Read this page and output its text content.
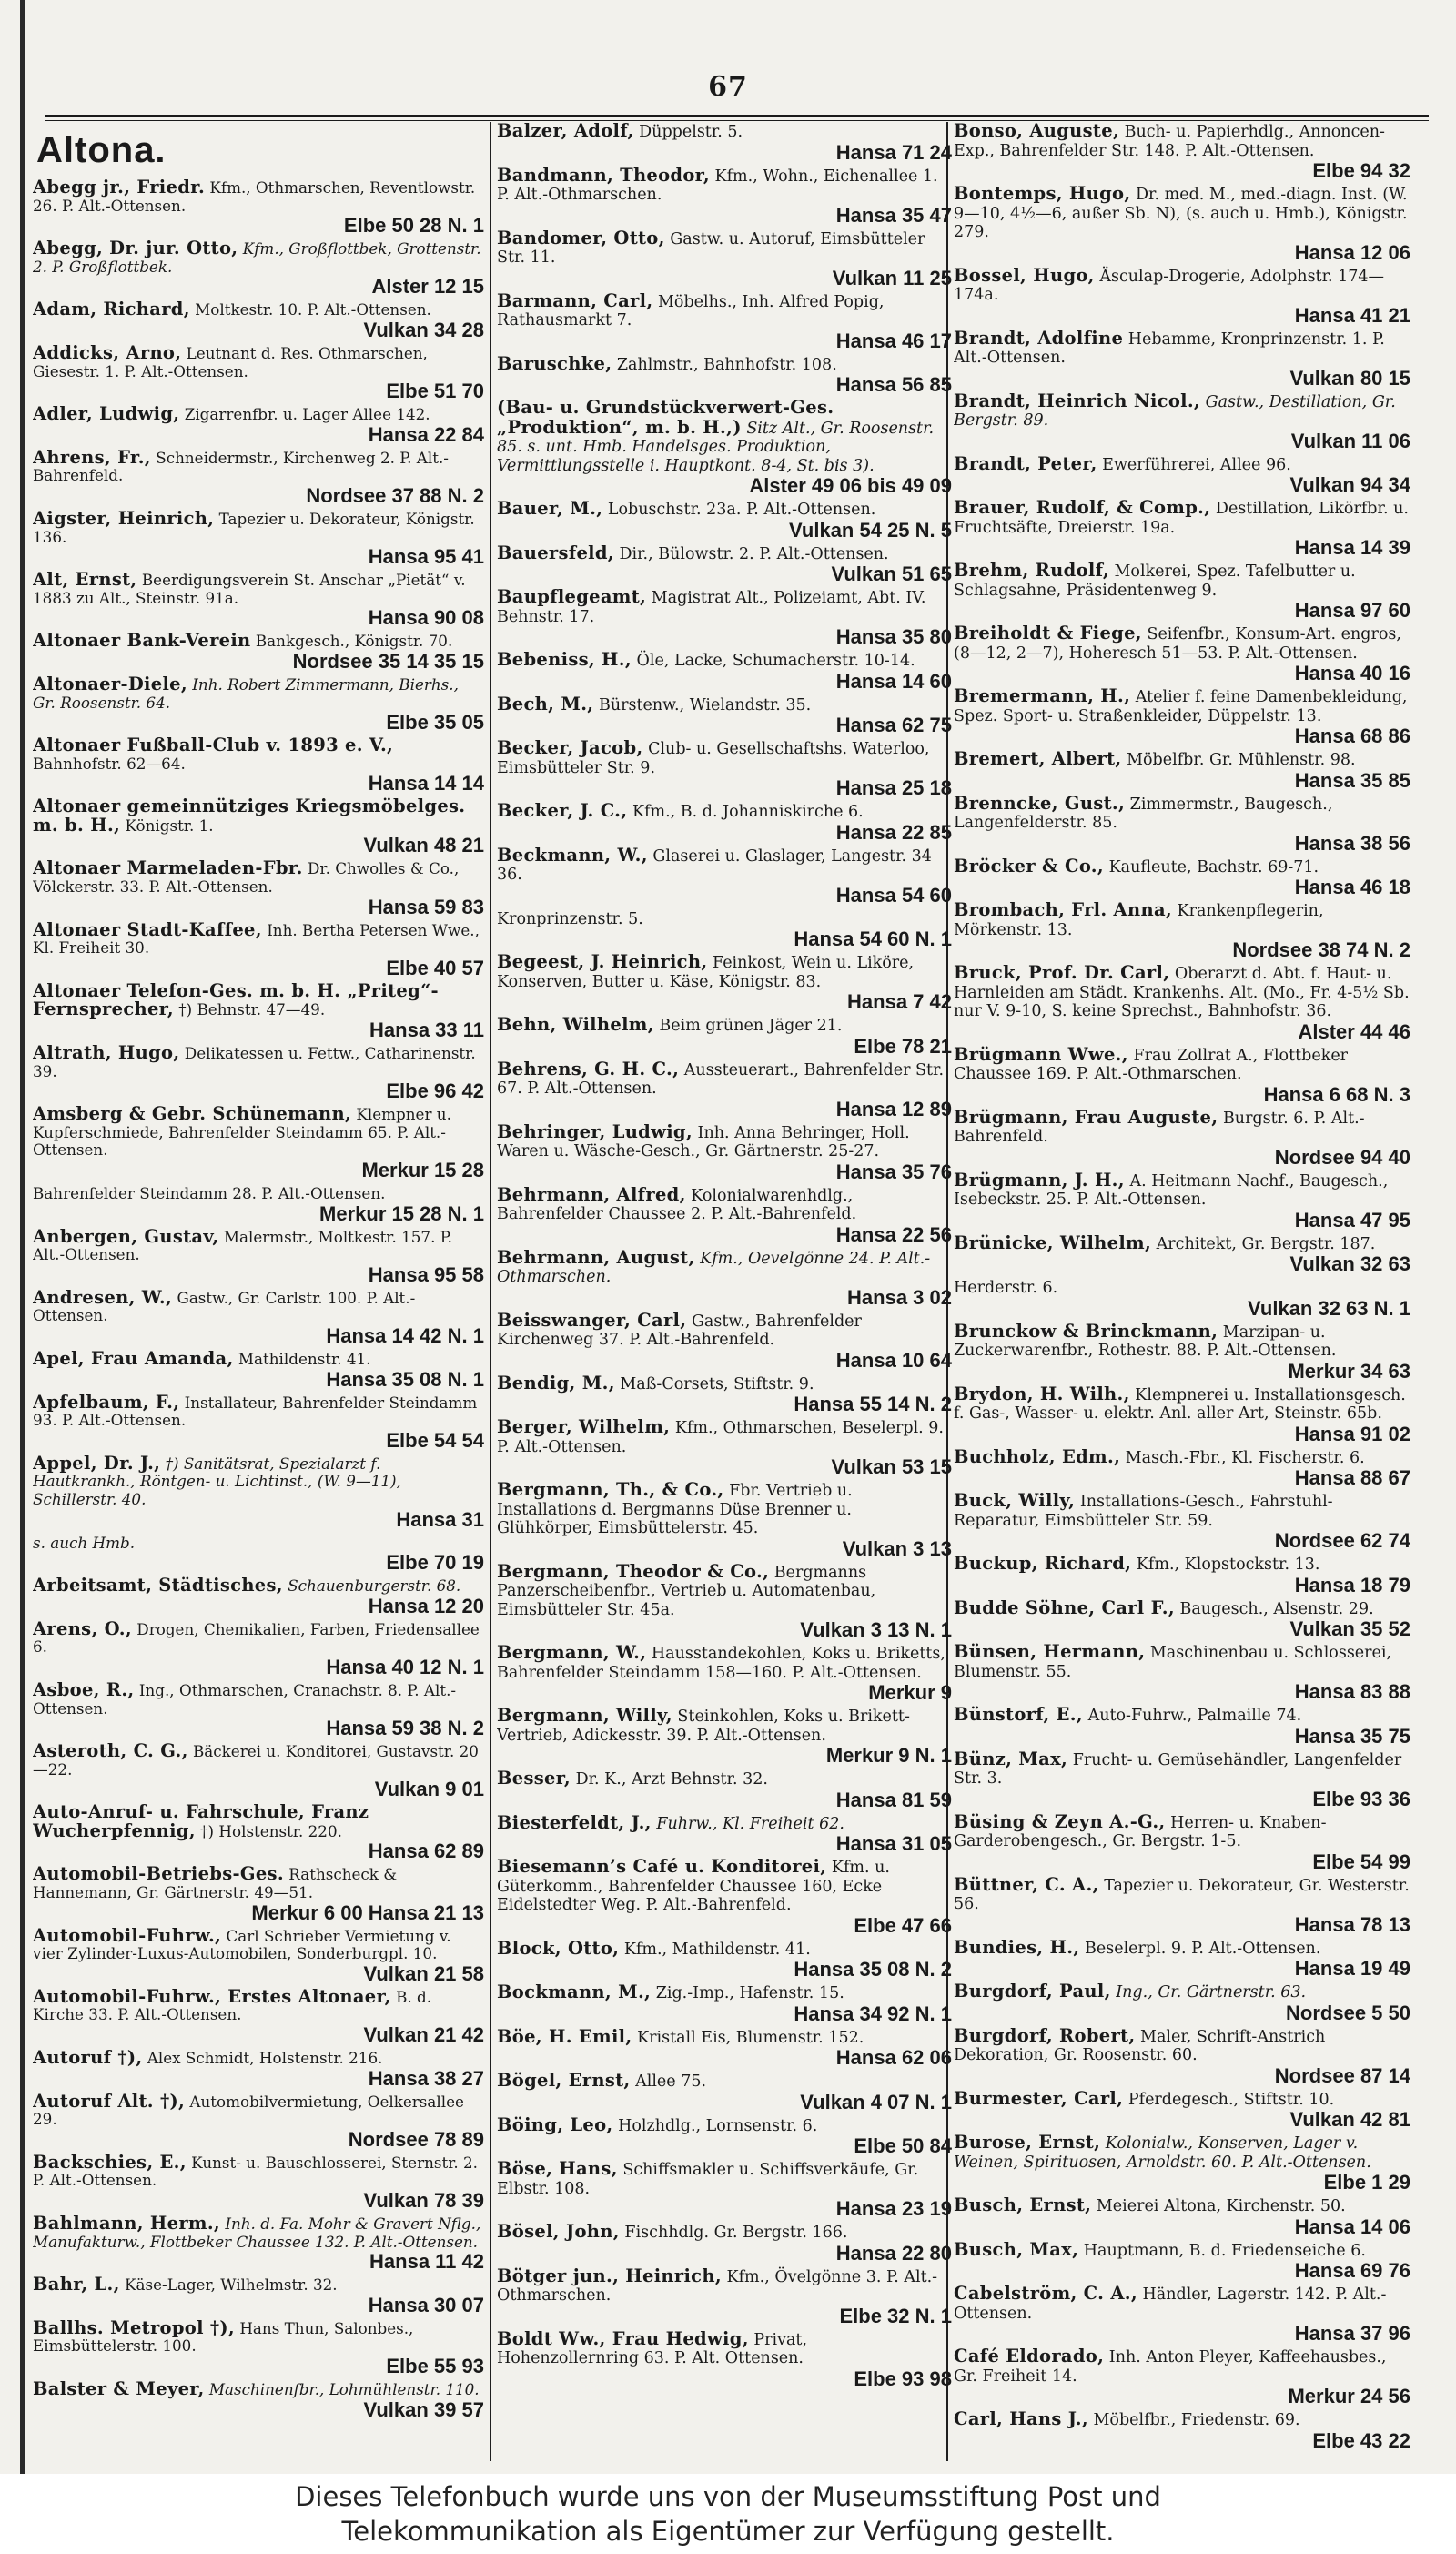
67
Altona.
Abegg jr., Friedr. Kfm., Othmarschen, Reventlowstr. 26. P. Alt.-Ottensen.
Elbe 50 28 N. 1
Abegg, Dr. jur. Otto, Kfm., Großflottbek, Grottenstr. 2. P. Großflottbek.
Alster 12 15
Adam, Richard, Moltkestr. 10. P. Alt.-Ottensen.
Vulkan 34 28
Addicks, Arno, Leutnant d. Res. Othmarschen, Giesestr. 1. P. Alt.-Ottensen.
Elbe 51 70
Adler, Ludwig, Zigarrenfbr. u. Lager Allee 142.
Hansa 22 84
Ahrens, Fr., Schneidermstr., Kirchenweg 2. P. Alt.-Bahrenfeld.
Nordsee 37 88 N. 2
Aigster, Heinrich, Tapezier u. Dekorateur, Königstr. 136.
Hansa 95 41
Alt, Ernst, Beerdigungsverein St. Anschar „Pietät“ v. 1883 zu Alt., Steinstr. 91a.
Hansa 90 08
Altonaer Bank-Verein Bankgesch., Königstr. 70.
Nordsee 35 14 35 15
Altonaer-Diele, Inh. Robert Zimmermann, Bierhs., Gr. Roosenstr. 64.
Elbe 35 05
Altonaer Fußball-Club v. 1893 e. V., Bahnhofstr. 62—64.
Hansa 14 14
Altonaer gemeinnütziges Kriegsmöbelges. m. b. H., Königstr. 1.
Vulkan 48 21
Altonaer Marmeladen-Fbr. Dr. Chwolles & Co., Völckerstr. 33. P. Alt.-Ottensen.
Hansa 59 83
Altonaer Stadt-Kaffee, Inh. Bertha Petersen Wwe., Kl. Freiheit 30.
Elbe 40 57
Altonaer Telefon-Ges. m. b. H. „Priteg“-Fernsprecher, †) Behnstr. 47—49.
Hansa 33 11
Altrath, Hugo, Delikatessen u. Fettw., Catharinenstr. 39.
Elbe 96 42
Amsberg & Gebr. Schünemann, Klempner u. Kupferschmiede, Bahrenfelder Steindamm 65. P. Alt.-Ottensen.
Merkur 15 28
Bahrenfelder Steindamm 28. P. Alt.-Ottensen.
Merkur 15 28 N. 1
Anbergen, Gustav, Malermstr., Moltkestr. 157. P. Alt.-Ottensen.
Hansa 95 58
Andresen, W., Gastw., Gr. Carlstr. 100. P. Alt.-Ottensen.
Hansa 14 42 N. 1
Apel, Frau Amanda, Mathildenstr. 41.
Hansa 35 08 N. 1
Apfelbaum, F., Installateur, Bahrenfelder Steindamm 93. P. Alt.-Ottensen.
Elbe 54 54
Appel, Dr. J., †) Sanitätsrat, Spezialarzt f. Hautkrankh., Röntgen- u. Lichtinst., (W. 9—11), Schillerstr. 40.
Hansa 31
s. auch Hmb.
Elbe 70 19
Arbeitsamt, Städtisches, Schauenburgerstr. 68.
Hansa 12 20
Arens, O., Drogen, Chemikalien, Farben, Friedensallee 6.
Hansa 40 12 N. 1
Asboe, R., Ing., Othmarschen, Cranachstr. 8. P. Alt.-Ottensen.
Hansa 59 38 N. 2
Asteroth, C. G., Bäckerei u. Konditorei, Gustavstr. 20—22.
Vulkan 9 01
Auto-Anruf- u. Fahrschule, Franz Wucherpfennig, †) Holstenstr. 220.
Hansa 62 89
Automobil-Betriebs-Ges. Rathscheck & Hannemann, Gr. Gärtnerstr. 49—51.
Merkur 6 00 Hansa 21 13
Automobil-Fuhrw., Carl Schrieber Vermietung v. vier Zylinder-Luxus-Automobilen, Sonderburgpl. 10.
Vulkan 21 58
Automobil-Fuhrw., Erstes Altonaer, B. d. Kirche 33. P. Alt.-Ottensen.
Vulkan 21 42
Autoruf †), Alex Schmidt, Holstenstr. 216.
Hansa 38 27
Autoruf Alt. †), Automobilvermietung, Oelkersallee 29.
Nordsee 78 89
Backschies, E., Kunst- u. Bauschlosserei, Sternstr. 2. P. Alt.-Ottensen.
Vulkan 78 39
Bahlmann, Herm., Inh. d. Fa. Mohr & Gravert Nflg., Manufakturw., Flottbeker Chaussee 132. P. Alt.-Ottensen.
Hansa 11 42
Bahr, L., Käse-Lager, Wilhelmstr. 32.
Hansa 30 07
Ballhs. Metropol †), Hans Thun, Salonbes., Eimsbüttelerstr. 100.
Elbe 55 93
Balster & Meyer, Maschinenfbr., Lohmühlenstr. 110.
Vulkan 39 57
Balzer, Adolf, Düppelstr. 5.
Hansa 71 24
Bandmann, Theodor, Kfm., Wohn., Eichenallee 1. P. Alt.-Othmarschen.
Hansa 35 47
Bandomer, Otto, Gastw. u. Autoruf, Eimsbütteler Str. 11.
Vulkan 11 25
Barmann, Carl, Möbelhs., Inh. Alfred Popig, Rathausmarkt 7.
Hansa 46 17
Baruschke, Zahlmstr., Bahnhofstr. 108.
Hansa 56 85
(Bau- u. Grundstückverwert-Ges. „Produktion“, m. b. H.,) Sitz Alt., Gr. Roosenstr. 85. s. unt. Hmb. Handelsges. Produktion, Vermittlungsstelle i. Hauptkont. 8-4, St. bis 3).
Alster 49 06 bis 49 09
Bauer, M., Lobuschstr. 23a. P. Alt.-Ottensen.
Vulkan 54 25 N. 5
Bauersfeld, Dir., Bülowstr. 2. P. Alt.-Ottensen.
Vulkan 51 65
Baupflegeamt, Magistrat Alt., Polizeiamt, Abt. IV. Behnstr. 17.
Hansa 35 80
Bebeniss, H., Öle, Lacke, Schumacherstr. 10-14.
Hansa 14 60
Bech, M., Bürstenw., Wielandstr. 35.
Hansa 62 75
Becker, Jacob, Club- u. Gesellschaftshs. Waterloo, Eimsbütteler Str. 9.
Hansa 25 18
Becker, J. C., Kfm., B. d. Johanniskirche 6.
Hansa 22 85
Beckmann, W., Glaserei u. Glaslager, Langestr. 34 36.
Hansa 54 60
Kronprinzenstr. 5.
Hansa 54 60 N. 1
Begeest, J. Heinrich, Feinkost, Wein u. Liköre, Konserven, Butter u. Käse, Königstr. 83.
Hansa 7 42
Behn, Wilhelm, Beim grünen Jäger 21.
Elbe 78 21
Behrens, G. H. C., Aussteuerart., Bahrenfelder Str. 67. P. Alt.-Ottensen.
Hansa 12 89
Behringer, Ludwig, Inh. Anna Behringer, Holl. Waren u. Wäsche-Gesch., Gr. Gärtnerstr. 25-27.
Hansa 35 76
Behrmann, Alfred, Kolonialwarenhdlg., Bahrenfelder Chaussee 2. P. Alt.-Bahrenfeld.
Hansa 22 56
Behrmann, August, Kfm., Oevelgönne 24. P. Alt.-Othmarschen.
Hansa 3 02
Beisswanger, Carl, Gastw., Bahrenfelder Kirchenweg 37. P. Alt.-Bahrenfeld.
Hansa 10 64
Bendig, M., Maß-Corsets, Stiftstr. 9.
Hansa 55 14 N. 2
Berger, Wilhelm, Kfm., Othmarschen, Beselerpl. 9. P. Alt.-Ottensen.
Vulkan 53 15
Bergmann, Th., & Co., Fbr. Vertrieb u. Installations d. Bergmanns Düse Brenner u. Glühkörper, Eimsbüttelerstr. 45.
Vulkan 3 13
Bergmann, Theodor & Co., Bergmanns Panzerscheibenfbr., Vertrieb u. Automatenbau, Eimsbütteler Str. 45a.
Vulkan 3 13 N. 1
Bergmann, W., Hausstandekohlen, Koks u. Briketts, Bahrenfelder Steindamm 158—160. P. Alt.-Ottensen.
Merkur 9
Bergmann, Willy, Steinkohlen, Koks u. Brikett-Vertrieb, Adickesstr. 39. P. Alt.-Ottensen.
Merkur 9 N. 1
Besser, Dr. K., Arzt Behnstr. 32.
Hansa 81 59
Biesterfeldt, J., Fuhrw., Kl. Freiheit 62.
Hansa 31 05
Biesemann’s Café u. Konditorei, Kfm. u. Güterkomm., Bahrenfelder Chaussee 160, Ecke Eidelstedter Weg. P. Alt.-Bahrenfeld.
Elbe 47 66
Block, Otto, Kfm., Mathildenstr. 41.
Hansa 35 08 N. 2
Bockmann, M., Zig.-Imp., Hafenstr. 15.
Hansa 34 92 N. 1
Böe, H. Emil, Kristall Eis, Blumenstr. 152.
Hansa 62 06
Bögel, Ernst, Allee 75.
Vulkan 4 07 N. 1
Böing, Leo, Holzhdlg., Lornsenstr. 6.
Elbe 50 84
Böse, Hans, Schiffsmakler u. Schiffsverkäufe, Gr. Elbstr. 108.
Hansa 23 19
Bösel, John, Fischhdlg. Gr. Bergstr. 166.
Hansa 22 80
Bötger jun., Heinrich, Kfm., Övelgönne 3. P. Alt.-Othmarschen.
Elbe 32 N. 1
Boldt Ww., Frau Hedwig, Privat, Hohenzollernring 63. P. Alt. Ottensen.
Elbe 93 98
Bonso, Auguste, Buch- u. Papierhdlg., Annoncen-Exp., Bahrenfelder Str. 148. P. Alt.-Ottensen.
Elbe 94 32
Bontemps, Hugo, Dr. med. M., med.-diagn. Inst. (W. 9—10, 4½—6, außer Sb. N), (s. auch u. Hmb.), Königstr. 279.
Hansa 12 06
Bossel, Hugo, Äsculap-Drogerie, Adolphstr. 174—174a.
Hansa 41 21
Brandt, Adolfine Hebamme, Kronprinzenstr. 1. P. Alt.-Ottensen.
Vulkan 80 15
Brandt, Heinrich Nicol., Gastw., Destillation, Gr. Bergstr. 89.
Vulkan 11 06
Brandt, Peter, Ewerführerei, Allee 96.
Vulkan 94 34
Brauer, Rudolf, & Comp., Destillation, Likörfbr. u. Fruchtsäfte, Dreierstr. 19a.
Hansa 14 39
Brehm, Rudolf, Molkerei, Spez. Tafelbutter u. Schlagsahne, Präsidentenweg 9.
Hansa 97 60
Breiholdt & Fiege, Seifenfbr., Konsum-Art. engros, (8—12, 2—7), Hoheresch 51—53. P. Alt.-Ottensen.
Hansa 40 16
Bremermann, H., Atelier f. feine Damenbekleidung, Spez. Sport- u. Straßenkleider, Düppelstr. 13.
Hansa 68 86
Bremert, Albert, Möbelfbr. Gr. Mühlenstr. 98.
Hansa 35 85
Brenncke, Gust., Zimmermstr., Baugesch., Langenfelderstr. 85.
Hansa 38 56
Bröcker & Co., Kaufleute, Bachstr. 69-71.
Hansa 46 18
Brombach, Frl. Anna, Krankenpflegerin, Mörkenstr. 13.
Nordsee 38 74 N. 2
Bruck, Prof. Dr. Carl, Oberarzt d. Abt. f. Haut- u. Harnleiden am Städt. Krankenhs. Alt. (Mo., Fr. 4-5½ Sb. nur V. 9-10, S. keine Sprechst., Bahnhofstr. 36.
Alster 44 46
Brügmann Wwe., Frau Zollrat A., Flottbeker Chaussee 169. P. Alt.-Othmarschen.
Hansa 6 68 N. 3
Brügmann, Frau Auguste, Burgstr. 6. P. Alt.-Bahrenfeld.
Nordsee 94 40
Brügmann, J. H., A. Heitmann Nachf., Baugesch., Isebeckstr. 25. P. Alt.-Ottensen.
Hansa 47 95
Brünicke, Wilhelm, Architekt, Gr. Bergstr. 187.
Vulkan 32 63
Herderstr. 6.
Vulkan 32 63 N. 1
Brunckow & Brinckmann, Marzipan- u. Zuckerwarenfbr., Rothestr. 88. P. Alt.-Ottensen.
Merkur 34 63
Brydon, H. Wilh., Klempnerei u. Installationsgesch. f. Gas-, Wasser- u. elektr. Anl. aller Art, Steinstr. 65b.
Hansa 91 02
Buchholz, Edm., Masch.-Fbr., Kl. Fischerstr. 6.
Hansa 88 67
Buck, Willy, Installations-Gesch., Fahrstuhl-Reparatur, Eimsbütteler Str. 59.
Nordsee 62 74
Buckup, Richard, Kfm., Klopstockstr. 13.
Hansa 18 79
Budde Söhne, Carl F., Baugesch., Alsenstr. 29.
Vulkan 35 52
Bünsen, Hermann, Maschinenbau u. Schlosserei, Blumenstr. 55.
Hansa 83 88
Bünstorf, E., Auto-Fuhrw., Palmaille 74.
Hansa 35 75
Bünz, Max, Frucht- u. Gemüsehändler, Langenfelder Str. 3.
Elbe 93 36
Büsing & Zeyn A.-G., Herren- u. Knaben-Garderobengesch., Gr. Bergstr. 1-5.
Elbe 54 99
Büttner, C. A., Tapezier u. Dekorateur, Gr. Westerstr. 56.
Hansa 78 13
Bundies, H., Beselerpl. 9. P. Alt.-Ottensen.
Hansa 19 49
Burgdorf, Paul, Ing., Gr. Gärtnerstr. 63.
Nordsee 5 50
Burgdorf, Robert, Maler, Schrift-Anstrich Dekoration, Gr. Roosenstr. 60.
Nordsee 87 14
Burmester, Carl, Pferdegesch., Stiftstr. 10.
Vulkan 42 81
Burose, Ernst, Kolonialw., Konserven, Lager v. Weinen, Spirituosen, Arnoldstr. 60. P. Alt.-Ottensen.
Elbe 1 29
Busch, Ernst, Meierei Altona, Kirchenstr. 50.
Hansa 14 06
Busch, Max, Hauptmann, B. d. Friedenseiche 6.
Hansa 69 76
Cabelström, C. A., Händler, Lagerstr. 142. P. Alt.-Ottensen.
Hansa 37 96
Café Eldorado, Inh. Anton Pleyer, Kaffeehausbes., Gr. Freiheit 14.
Merkur 24 56
Carl, Hans J., Möbelfbr., Friedenstr. 69.
Elbe 43 22
Dieses Telefonbuch wurde uns von der Museumsstiftung Post und
Telekommunikation als Eigentümer zur Verfügung gestellt.
